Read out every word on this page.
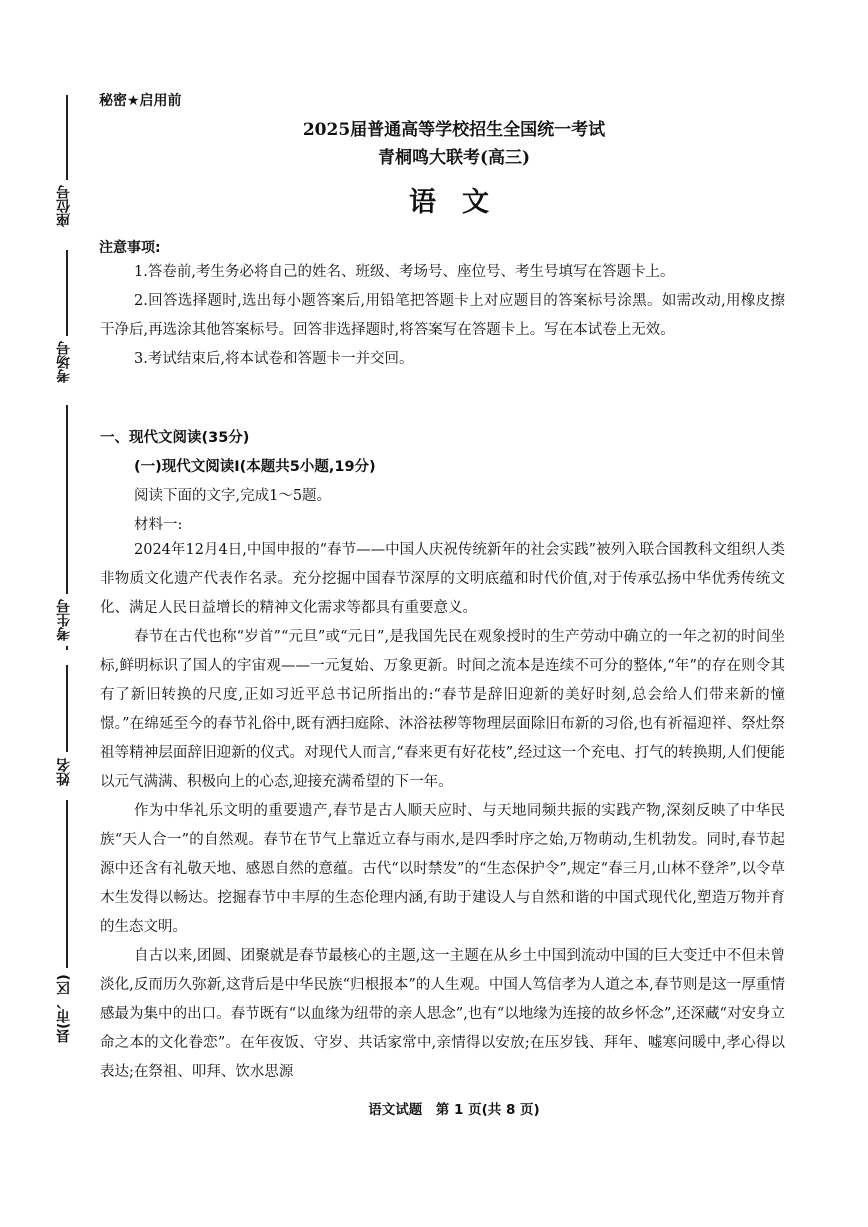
座位号
考场号
考生号
姓名
县(市、区)
秘密★启用前
2025届普通高等学校招生全国统一考试
青桐鸣大联考(高三)
语文
注意事项:
1.答卷前,考生务必将自己的姓名、班级、考场号、座位号、考生号填写在答题卡上。
2.回答选择题时,选出每小题答案后,用铅笔把答题卡上对应题目的答案标号涂黑。如需改动,用橡皮擦干净后,再选涂其他答案标号。回答非选择题时,将答案写在答题卡上。写在本试卷上无效。
3.考试结束后,将本试卷和答题卡一并交回。
一、现代文阅读(35分)
(一)现代文阅读Ⅰ(本题共5小题,19分)
阅读下面的文字,完成1～5题。
材料一:
2024年12月4日,中国申报的“春节——中国人庆祝传统新年的社会实践”被列入联合国教科文组织人类非物质文化遗产代表作名录。充分挖掘中国春节深厚的文明底蕴和时代价值,对于传承弘扬中华优秀传统文化、满足人民日益增长的精神文化需求等都具有重要意义。
春节在古代也称“岁首”“元旦”或“元日”,是我国先民在观象授时的生产劳动中确立的一年之初的时间坐标,鲜明标识了国人的宇宙观——一元复始、万象更新。时间之流本是连续不可分的整体,“年”的存在则令其有了新旧转换的尺度,正如习近平总书记所指出的:“春节是辞旧迎新的美好时刻,总会给人们带来新的憧憬。”在绵延至今的春节礼俗中,既有洒扫庭除、沐浴祛秽等物理层面除旧布新的习俗,也有祈福迎祥、祭灶祭祖等精神层面辞旧迎新的仪式。对现代人而言,“春来更有好花枝”,经过这一个充电、打气的转换期,人们便能以元气满满、积极向上的心态,迎接充满希望的下一年。
作为中华礼乐文明的重要遗产,春节是古人顺天应时、与天地同频共振的实践产物,深刻反映了中华民族“天人合一”的自然观。春节在节气上靠近立春与雨水,是四季时序之始,万物萌动,生机勃发。同时,春节起源中还含有礼敬天地、感恩自然的意蕴。古代“以时禁发”的“生态保护令”,规定“春三月,山林不登斧”,以令草木生发得以畅达。挖掘春节中丰厚的生态伦理内涵,有助于建设人与自然和谐的中国式现代化,塑造万物并育的生态文明。
自古以来,团圆、团聚就是春节最核心的主题,这一主题在从乡土中国到流动中国的巨大变迁中不但未曾淡化,反而历久弥新,这背后是中华民族“归根报本”的人生观。中国人笃信孝为人道之本,春节则是这一厚重情感最为集中的出口。春节既有“以血缘为纽带的亲人思念”,也有“以地缘为连接的故乡怀念”,还深藏“对安身立命之本的文化眷恋”。在年夜饭、守岁、共话家常中,亲情得以安放;在压岁钱、拜年、嘘寒问暖中,孝心得以表达;在祭祖、叩拜、饮水思源
语文试题　第 1 页(共 8 页)
